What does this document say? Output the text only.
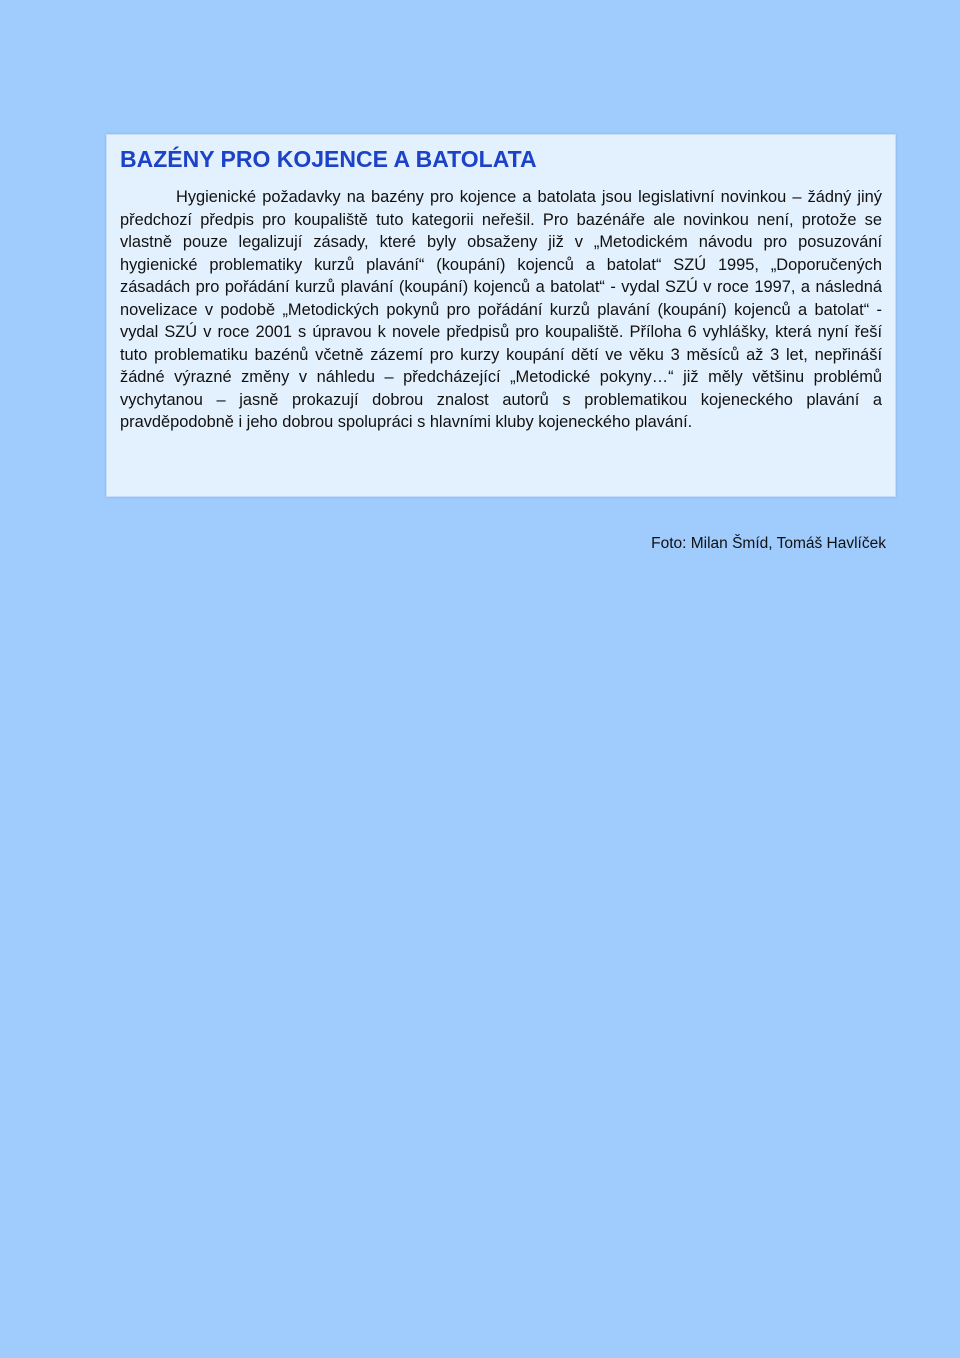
BAZÉNY PRO KOJENCE A BATOLATA

Hygienické požadavky na bazény pro kojence a batolata jsou legislativní novinkou – žádný jiný předchozí předpis pro koupaliště tuto kategorii neřešil. Pro bazénáře ale novinkou není, protože se vlastně pouze legalizují zásady, které byly obsaženy již v „Metodickém návodu pro posuzování hygienické problematiky kurzů plavání“ (koupání) kojenců a batolat“ SZÚ 1995, „Doporučených zásadách pro pořádání kurzů plavání (koupání) kojenců a batolat“ - vydal SZÚ v roce 1997, a následná novelizace v podobě „Metodických pokynů pro pořádání kurzů plavání (koupání) kojenců a batolat“ - vydal SZÚ v roce 2001 s úpravou k novele předpisů pro koupaliště. Příloha 6 vyhlášky, která nyní řeší tuto problematiku bazénů včetně zázemí pro kurzy koupání dětí ve věku 3 měsíců až 3 let, nepřináší žádné výrazné změny v náhledu – předcházející „Metodické pokyny…“ již měly většinu problémů vychytanou – jasně prokazují dobrou znalost autorů s problematikou kojeneckého plavání a pravděpodobně i jeho dobrou spolupráci s hlavními kluby kojeneckého plavání.

Foto: Milan Šmíd, Tomáš Havlíček
